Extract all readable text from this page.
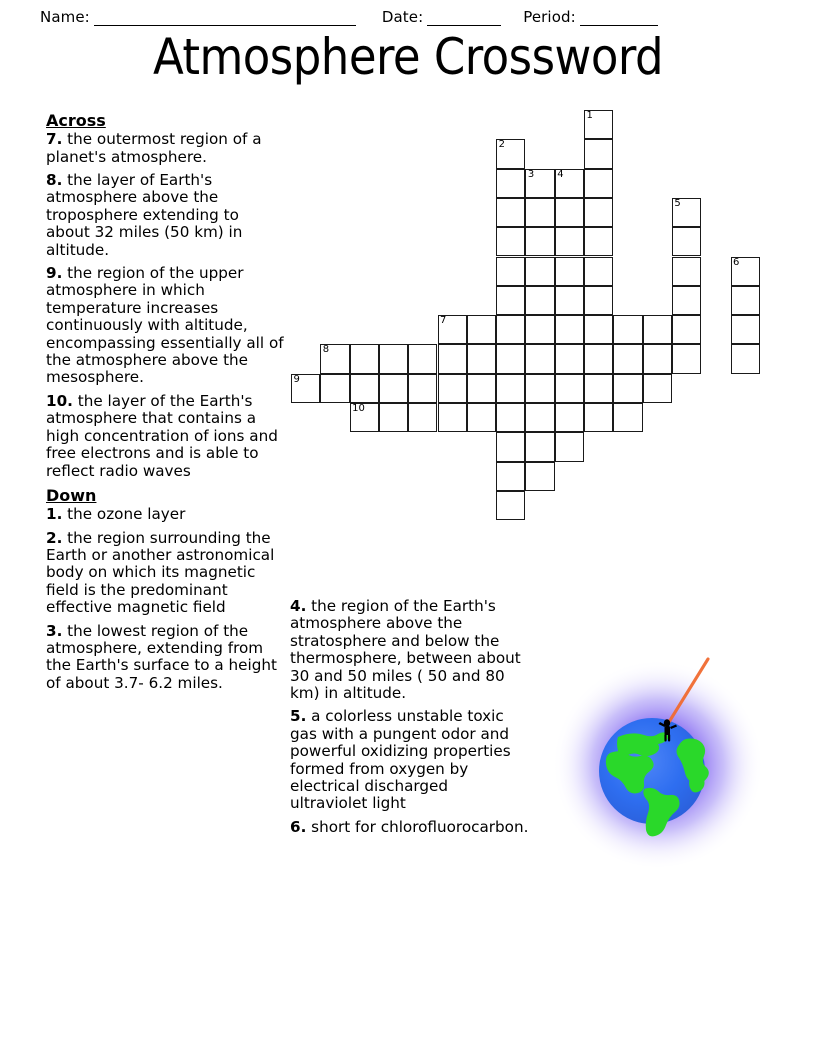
Name:	Date:	Period:
Atmosphere Crossword
Across
7. the outermost region of a planet's atmosphere.
8. the layer of Earth's atmosphere above the troposphere extending to about 32 miles (50 km) in altitude.
9. the region of the upper atmosphere in which temperature increases continuously with altitude, encompassing essentially all of the atmosphere above the mesosphere.
10. the layer of the Earth's atmosphere that contains a high concentration of ions and free electrons and is able to reflect radio waves
Down
1. the ozone layer
2. the region surrounding the Earth or another astronomical body on which its magnetic field is the predominant effective magnetic field
3. the lowest region of the atmosphere, extending from the Earth's surface to a height of about 3.7- 6.2 miles.
4. the region of the Earth's atmosphere above the stratosphere and below the thermosphere, between about 30 and 50 miles ( 50 and 80 km) in altitude.
5. a colorless unstable toxic gas with a pungent odor and powerful oxidizing properties formed from oxygen by electrical discharged ultraviolet light
6. short for chlorofluorocarbon.
1
2
3 4
5
6
7
8
9
10
